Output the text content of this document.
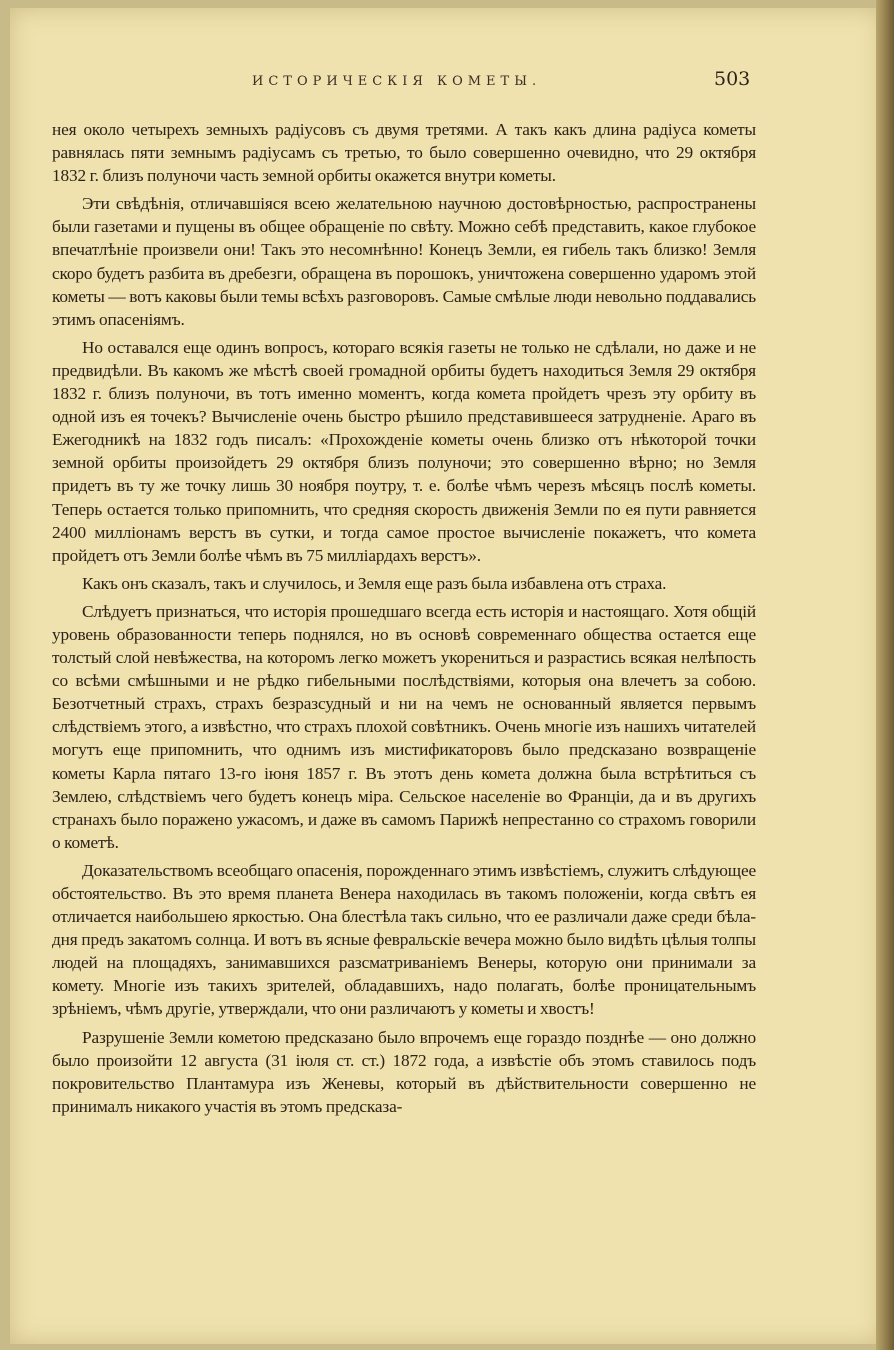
ИСТОРИЧЕСКІЯ КОМЕТЫ.	503

нея около четырехъ земныхъ радіусовъ съ двумя третями. А такъ какъ длина радіуса кометы равнялась пяти земнымъ радіусамъ съ третью, то было совершенно очевидно, что 29 октября 1832 г. близъ полуночи часть земной орбиты окажется внутри кометы.

Эти свѣдѣнія, отличавшіяся всею желательною научною достовѣрностью, распространены были газетами и пущены въ общее обращеніе по свѣту. Можно себѣ представить, какое глубокое впечатлѣніе произвели они! Такъ это несомнѣнно! Конецъ Земли, ея гибель такъ близко! Земля скоро будетъ разбита въ дребезги, обращена въ порошокъ, уничтожена совершенно ударомъ этой кометы — вотъ каковы были темы всѣхъ разговоровъ. Самые смѣлые люди невольно поддавались этимъ опасеніямъ.

Но оставался еще одинъ вопросъ, котораго всякія газеты не только не сдѣлали, но даже и не предвидѣли. Въ какомъ же мѣстѣ своей громадной орбиты будетъ находиться Земля 29 октября 1832 г. близъ полуночи, въ тотъ именно моментъ, когда комета пройдетъ чрезъ эту орбиту въ одной изъ ея точекъ? Вычисленіе очень быстро рѣшило представившееся затрудненіе. Араго въ Ежегодникѣ на 1832 годъ писалъ: «Прохожденіе кометы очень близко отъ нѣкоторой точки земной орбиты произойдетъ 29 октября близъ полуночи; это совершенно вѣрно; но Земля придетъ въ ту же точку лишь 30 ноября поутру, т. е. болѣе чѣмъ черезъ мѣсяцъ послѣ кометы. Теперь остается только припомнить, что средняя скорость движенія Земли по ея пути равняется 2400 милліонамъ верстъ въ сутки, и тогда самое простое вычисленіе покажетъ, что комета пройдетъ отъ Земли болѣе чѣмъ въ 75 милліардахъ верстъ».

Какъ онъ сказалъ, такъ и случилось, и Земля еще разъ была избавлена отъ страха.

Слѣдуетъ признаться, что исторія прошедшаго всегда есть исторія и настоящаго. Хотя общій уровень образованности теперь поднялся, но въ основѣ современнаго общества остается еще толстый слой невѣжества, на которомъ легко можетъ укорениться и разрастись всякая нелѣпость со всѣми смѣшными и не рѣдко гибельными послѣдствіями, которыя она влечетъ за собою. Безотчетный страхъ, страхъ безразсудный и ни на чемъ не основанный является первымъ слѣдствіемъ этого, а извѣстно, что страхъ плохой совѣтникъ. Очень многіе изъ нашихъ читателей могутъ еще припомнить, что однимъ изъ мистификаторовъ было предсказано возвращеніе кометы Карла пятаго 13-го іюня 1857 г. Въ этотъ день комета должна была встрѣтиться съ Землею, слѣдствіемъ чего будетъ конецъ міра. Сельское населеніе во Франціи, да и въ другихъ странахъ было поражено ужасомъ, и даже въ самомъ Парижѣ непрестанно со страхомъ говорили о кометѣ.

Доказательствомъ всеобщаго опасенія, порожденнаго этимъ извѣстіемъ, служитъ слѣдующее обстоятельство. Въ это время планета Венера находилась въ такомъ положеніи, когда свѣтъ ея отличается наибольшею яркостью. Она блестѣла такъ сильно, что ее различали даже среди бѣла-дня предъ закатомъ солнца. И вотъ въ ясные февральскіе вечера можно было видѣть цѣлыя толпы людей на площадяхъ, занимавшихся разсматриваніемъ Венеры, которую они принимали за комету. Многіе изъ такихъ зрителей, обладавшихъ, надо полагать, болѣе проницательнымъ зрѣніемъ, чѣмъ другіе, утверждали, что они различаютъ у кометы и хвостъ!

Разрушеніе Земли кометою предсказано было впрочемъ еще гораздо позднѣе — оно должно было произойти 12 августа (31 іюля ст. ст.) 1872 года, а извѣстіе объ этомъ ставилось подъ покровительство Плантамура изъ Женевы, который въ дѣйствительности совершенно не принималъ никакого участія въ этомъ предсказа-
